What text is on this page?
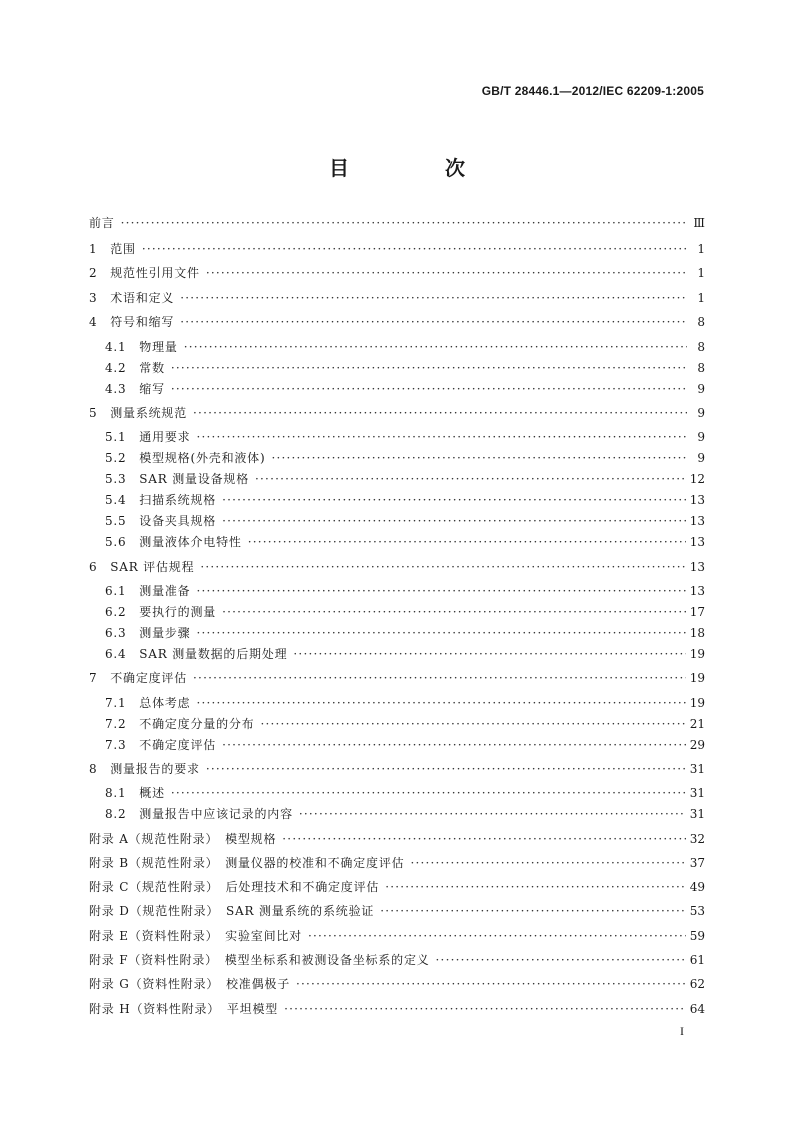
GB/T 28446.1—2012/IEC 62209-1:2005
目　次
前言 ·····	Ⅲ
1　范围 ·····	1
2　规范性引用文件 ·····	1
3　术语和定义 ·····	1
4　符号和缩写 ·····	8
4.1　物理量 ·····	8
4.2　常数 ·····	8
4.3　缩写 ·····	9
5　测量系统规范 ·····	9
5.1　通用要求 ·····	9
5.2　模型规格(外壳和液体) ·····	9
5.3　SAR 测量设备规格 ·····	12
5.4　扫描系统规格 ·····	13
5.5　设备夹具规格 ·····	13
5.6　测量液体介电特性 ·····	13
6　SAR 评估规程 ·····	13
6.1　测量准备 ·····	13
6.2　要执行的测量 ·····	17
6.3　测量步骤 ·····	18
6.4　SAR 测量数据的后期处理 ·····	19
7　不确定度评估 ·····	19
7.1　总体考虑 ·····	19
7.2　不确定度分量的分布 ·····	21
7.3　不确定度评估 ·····	29
8　测量报告的要求 ·····	31
8.1　概述 ·····	31
8.2　测量报告中应该记录的内容 ·····	31
附录 A（规范性附录）　模型规格 ·····	32
附录 B（规范性附录）　测量仪器的校准和不确定度评估 ·····	37
附录 C（规范性附录）　后处理技术和不确定度评估 ·····	49
附录 D（规范性附录）　SAR 测量系统的系统验证 ·····	53
附录 E（资料性附录）　实验室间比对 ·····	59
附录 F（资料性附录）　模型坐标系和被测设备坐标系的定义 ·····	61
附录 G（资料性附录）　校准偶极子 ·····	62
附录 H（资料性附录）　平坦模型 ·····	64
I
